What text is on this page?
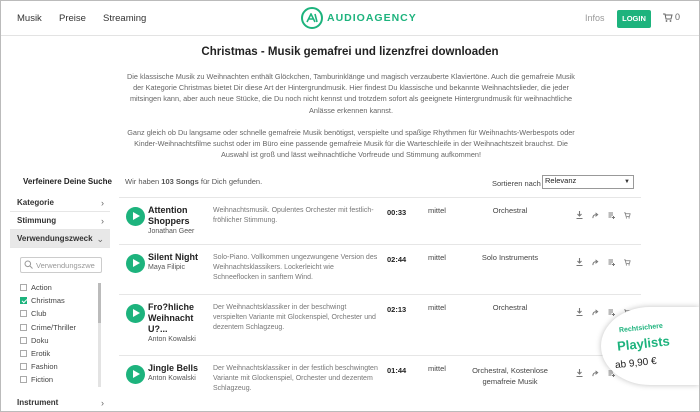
Musik Preise Streaming	AUDIOAGENCY	Infos	LOGIN	0
Christmas - Musik gemafrei und lizenzfrei downloaden

Die klassische Musik zu Weihnachten enthält Glöckchen, Tamburinklänge und magisch verzauberte Klaviertöne. Auch die gemafreie Musik der Kategorie Christmas bietet Dir diese Art der Hintergrundmusik. Hier findest Du klassische und bekannte Weihnachtslieder, die jeder mitsingen kann, aber auch neue Stücke, die Du noch nicht kennst und trotzdem sofort als geeignete Hintergrundmusik für weihnachtliche Anlässe erkennen kannst.

Ganz gleich ob Du langsame oder schnelle gemafreie Musik benötigst, verspielte und spaßige Rhythmen für Weihnachts-Werbespots oder Kinder-Weihnachtsfilme suchst oder im Büro eine passende gemafreie Musik für die Warteschleife in der Weihnachtszeit brauchst. Die Auswahl ist groß und lässt weihnachtliche Vorfreude und Stimmung aufkommen!

Verfeinere Deine Suche
Kategorie	›
Stimmung	›
Verwendungszweck ⌄
Verwendungszwe
Action
Christmas
Club
Crime/Thriller
Doku
Erotik
Fashion
Fiction
Instrument	›
Wir haben 103 Songs für Dich gefunden.	Sortieren nach Relevanz	▼
Attention Shoppers
Jonathan Geer
Weihnachtsmusik. Opulentes Orchester mit festlich-fröhlicher Stimmung.
00:33	mittel	Orchestral
Silent Night
Maya Filipic
Solo-Piano. Vollkommen ungezwungene Version des Weihnachtsklassikers. Lockerleicht wie Schneeflocken in sanftem Wind.
02:44	mittel	Solo Instruments
Fro?hliche Weihnacht U?...
Anton Kowalski
Der Weihnachtsklassiker in der beschwingt verspielten Variante mit Glockenspiel, Orchester und dezentem Schlagzeug.
02:13	mittel	Orchestral
Jingle Bells
Anton Kowalski
Der Weihnachtsklassiker in der festlich beschwingten Variante mit Glockenspiel, Orchester und dezentem Schlagzeug.
01:44	mittel	Orchestral, Kostenlose gemafreie Musik
Rechtsichere
Playlists
ab 9,90 €
